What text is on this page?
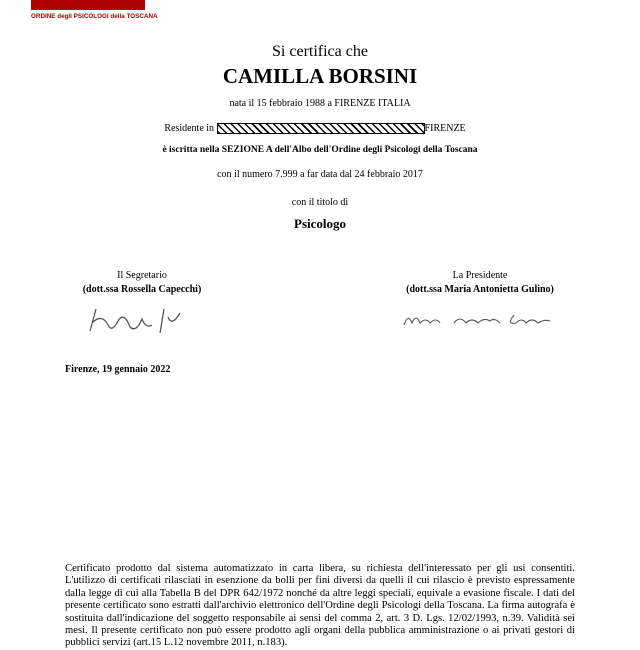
ORDINE degli PSICOLOGI della TOSCANA
Si certifica che
CAMILLA BORSINI
nata il 15 febbraio 1988 a FIRENZE ITALIA
Residente in	FIRENZE
è iscritta nella SEZIONE A dell'Albo dell'Ordine degli Psicologi della Toscana
con il numero 7.999 a far data dal 24 febbraio 2017
con il titolo di
Psicologo
Il Segretario
(dott.ssa Rossella Capecchi)
La Presidente
(dott.ssa Maria Antonietta Gulino)
Firenze, 19 gennaio 2022
Certificato prodotto dal sistema automatizzato in carta libera, su richiesta dell'interessato per gli usi consentiti. L'utilizzo di certificati rilasciati in esenzione da bolli per fini diversi da quelli il cui rilascio è previsto espressamente dalla legge di cui alla Tabella B del DPR 642/1972 nonché da altre leggi speciali, equivale a evasione fiscale. I dati del presente certificato sono estratti dall'archivio elettronico dell'Ordine degli Psicologi della Toscana. La firma autografa è sostituita dall'indicazione del soggetto responsabile ai sensi del comma 2, art. 3 D. Lgs. 12/02/1993, n.39. Validità sei mesi. Il presente certificato non può essere prodotto agli organi della pubblica amministrazione o ai privati gestori di pubblici servizi (art.15 L.12 novembre 2011, n.183).
